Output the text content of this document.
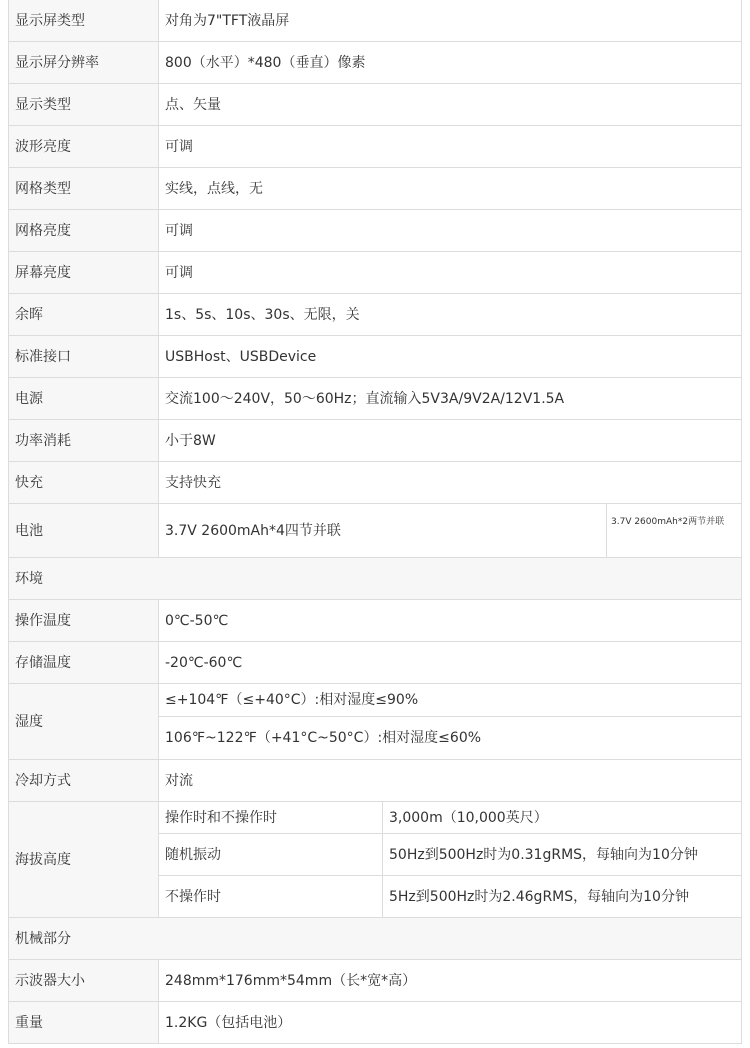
显示屏类型	对角为7"TFT液晶屏		
显示屏分辨率	800（水平）*480（垂直）像素		
显示类型	点、矢量		
波形亮度	可调		
网格类型	实线，点线，无		
网格亮度	可调		
屏幕亮度	可调		
余晖	1s、5s、10s、30s、无限，关		
标准接口	USBHost、USBDevice		
电源	交流100～240V，50～60Hz；直流输入5V3A/9V2A/12V1.5A		
功率消耗	小于8W		
快充	支持快充		
电池	3.7V 2600mAh*4四节并联		3.7V 2600mAh*2两节并联
环境			
操作温度	0℃-50℃		
存储温度	-20℃-60℃		
湿度	≤+104℉（≤+40°C）:相对湿度≤90%		
	106℉~122℉（+41°C~50°C）:相对湿度≤60%		
冷却方式	对流		
海拔高度	操作时和不操作时	3,000m（10,000英尺）	
	随机振动	50Hz到500Hz时为0.31gRMS，每轴向为10分钟	
	不操作时	5Hz到500Hz时为2.46gRMS，每轴向为10分钟	
机械部分			
示波器大小	248mm*176mm*54mm（长*宽*高）		
重量	1.2KG（包括电池）		
